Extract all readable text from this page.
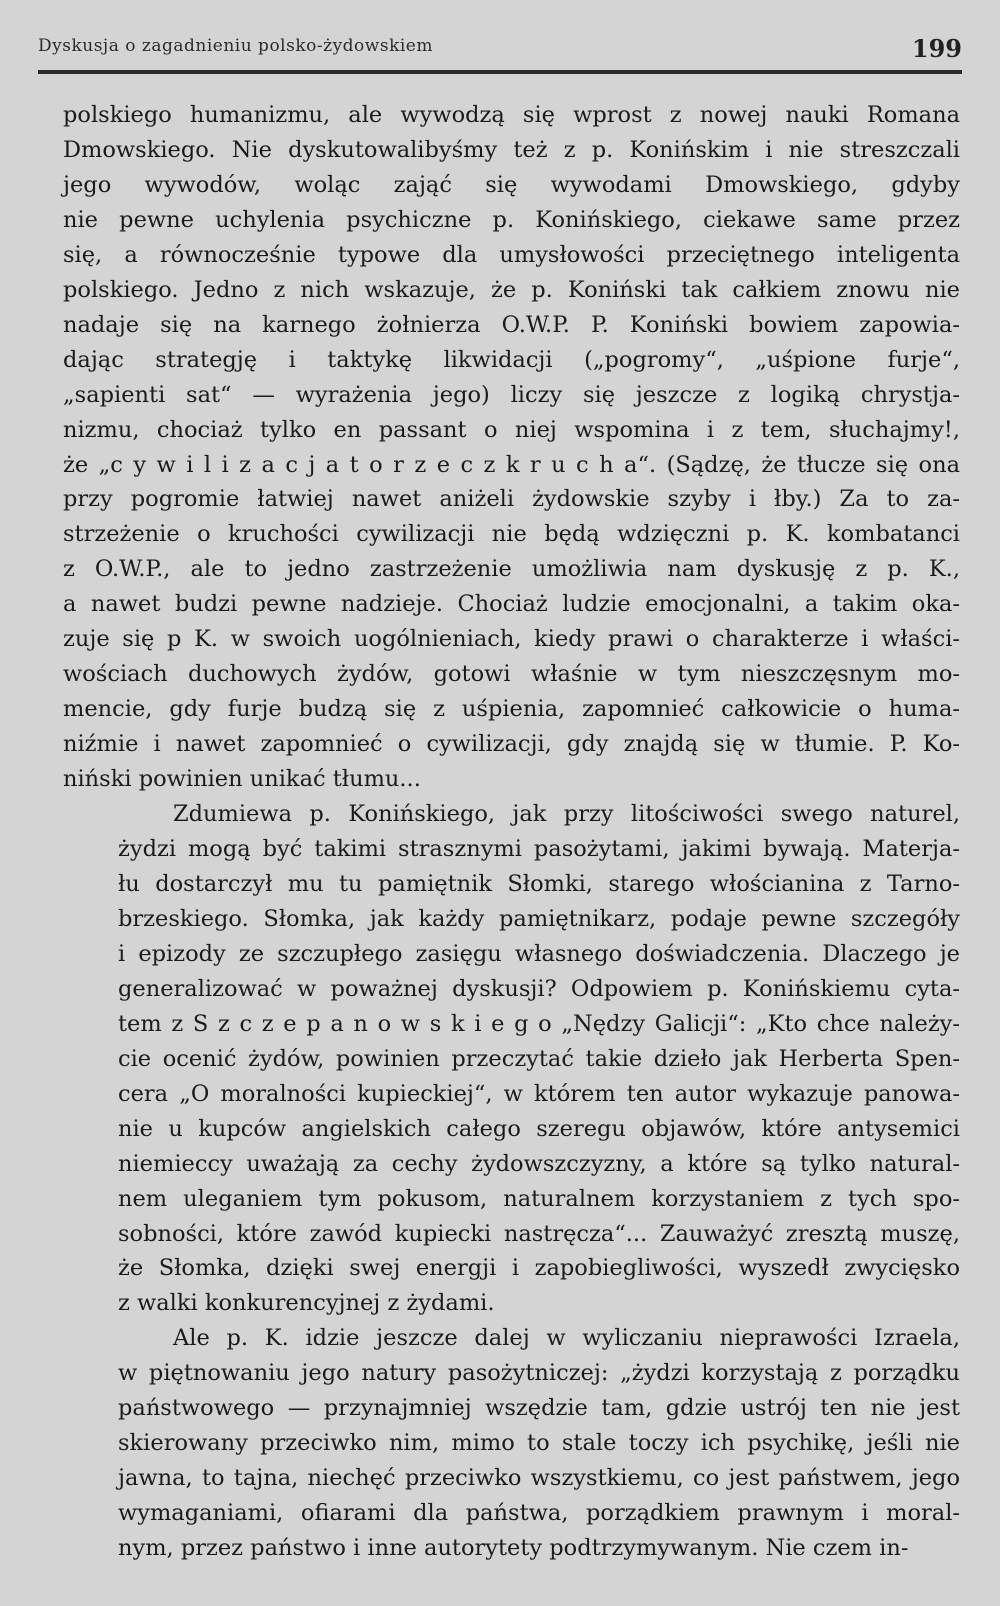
Dyskusja o zagadnieniu polsko-żydowskiem	199
polskiego humanizmu, ale wywodzą się wprost z nowej nauki Romana
Dmowskiego. Nie dyskutowalibyśmy też z p. Konińskim i nie streszczali
jego wywodów, woląc zająć się wywodami Dmowskiego, gdyby
nie pewne uchylenia psychiczne p. Konińskiego, ciekawe same przez
się, a równocześnie typowe dla umysłowości przeciętnego inteligenta
polskiego. Jedno z nich wskazuje, że p. Koniński tak całkiem znowu nie
nadaje się na karnego żołnierza O.W.P. P. Koniński bowiem zapowia-
dając strategję i taktykę likwidacji („pogromy“, „uśpione furje“,
„sapienti sat“ — wyrażenia jego) liczy się jeszcze z logiką chrystja-
nizmu, chociaż tylko en passant o niej wspomina i z tem, słuchajmy!,
że „c y w i l i z a c j a t o r z e c z k r u c h a“. (Sądzę, że tłucze się ona
przy pogromie łatwiej nawet aniżeli żydowskie szyby i łby.) Za to za-
strzeżenie o kruchości cywilizacji nie będą wdzięczni p. K. kombatanci
z O.W.P., ale to jedno zastrzeżenie umożliwia nam dyskusję z p. K.,
a nawet budzi pewne nadzieje. Chociaż ludzie emocjonalni, a takim oka-
zuje się p K. w swoich uogólnieniach, kiedy prawi o charakterze i właści-
wościach duchowych żydów, gotowi właśnie w tym nieszczęsnym mo-
mencie, gdy furje budzą się z uśpienia, zapomnieć całkowicie o huma-
niźmie i nawet zapomnieć o cywilizacji, gdy znajdą się w tłumie. P. Ko-
niński powinien unikać tłumu...
Zdumiewa p. Konińskiego, jak przy litościwości swego naturel,
żydzi mogą być takimi strasznymi pasożytami, jakimi bywają. Materja-
łu dostarczył mu tu pamiętnik Słomki, starego włościanina z Tarno-
brzeskiego. Słomka, jak każdy pamiętnikarz, podaje pewne szczegóły
i epizody ze szczupłego zasięgu własnego doświadczenia. Dlaczego je
generalizować w poważnej dyskusji? Odpowiem p. Konińskiemu cyta-
tem z S z c z e p a n o w s k i e g o „Nędzy Galicji“: „Kto chce należy-
cie ocenić żydów, powinien przeczytać takie dzieło jak Herberta Spen-
cera „O moralności kupieckiej“, w którem ten autor wykazuje panowa-
nie u kupców angielskich całego szeregu objawów, które antysemici
niemieccy uważają za cechy żydowszczyzny, a które są tylko natural-
nem uleganiem tym pokusom, naturalnem korzystaniem z tych spo-
sobności, które zawód kupiecki nastręcza“... Zauważyć zresztą muszę,
że Słomka, dzięki swej energji i zapobiegliwości, wyszedł zwycięsko
z walki konkurencyjnej z żydami.
Ale p. K. idzie jeszcze dalej w wyliczaniu nieprawości Izraela,
w piętnowaniu jego natury pasożytniczej: „żydzi korzystają z porządku
państwowego — przynajmniej wszędzie tam, gdzie ustrój ten nie jest
skierowany przeciwko nim, mimo to stale toczy ich psychikę, jeśli nie
jawna, to tajna, niechęć przeciwko wszystkiemu, co jest państwem, jego
wymaganiami, ofiarami dla państwa, porządkiem prawnym i moral-
nym, przez państwo i inne autorytety podtrzymywanym. Nie czem in-
